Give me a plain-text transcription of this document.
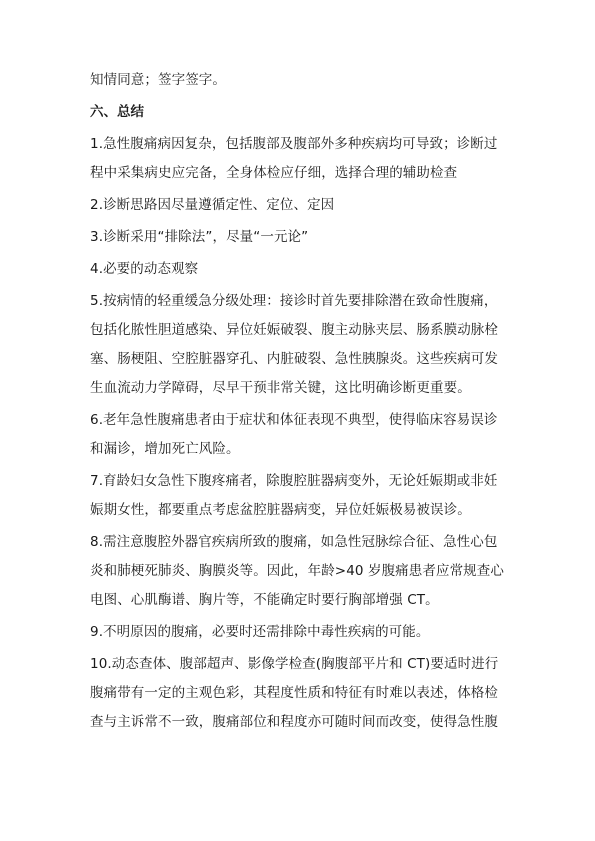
知情同意；签字签字。
六、总结
1.急性腹痛病因复杂，包括腹部及腹部外多种疾病均可导致；诊断过
程中采集病史应完备，全身体检应仔细，选择合理的辅助检查
2.诊断思路因尽量遵循定性、定位、定因
3.诊断采用“排除法”，尽量“一元论”
4.必要的动态观察
5.按病情的轻重缓急分级处理：接诊时首先要排除潜在致命性腹痛，
包括化脓性胆道感染、异位妊娠破裂、腹主动脉夹层、肠系膜动脉栓
塞、肠梗阻、空腔脏器穿孔、内脏破裂、急性胰腺炎。这些疾病可发
生血流动力学障碍，尽早干预非常关键，这比明确诊断更重要。
6.老年急性腹痛患者由于症状和体征表现不典型，使得临床容易误诊
和漏诊，增加死亡风险。
7.育龄妇女急性下腹疼痛者，除腹腔脏器病变外，无论妊娠期或非妊
娠期女性，都要重点考虑盆腔脏器病变，异位妊娠极易被误诊。
8.需注意腹腔外器官疾病所致的腹痛，如急性冠脉综合征、急性心包
炎和肺梗死肺炎、胸膜炎等。因此，年龄>40 岁腹痛患者应常规查心
电图、心肌酶谱、胸片等，不能确定时要行胸部增强 CT。
9.不明原因的腹痛，必要时还需排除中毒性疾病的可能。
10.动态查体、腹部超声、影像学检查(胸腹部平片和 CT)要适时进行
腹痛带有一定的主观色彩，其程度性质和特征有时难以表述，体格检
查与主诉常不一致，腹痛部位和程度亦可随时间而改变，使得急性腹
